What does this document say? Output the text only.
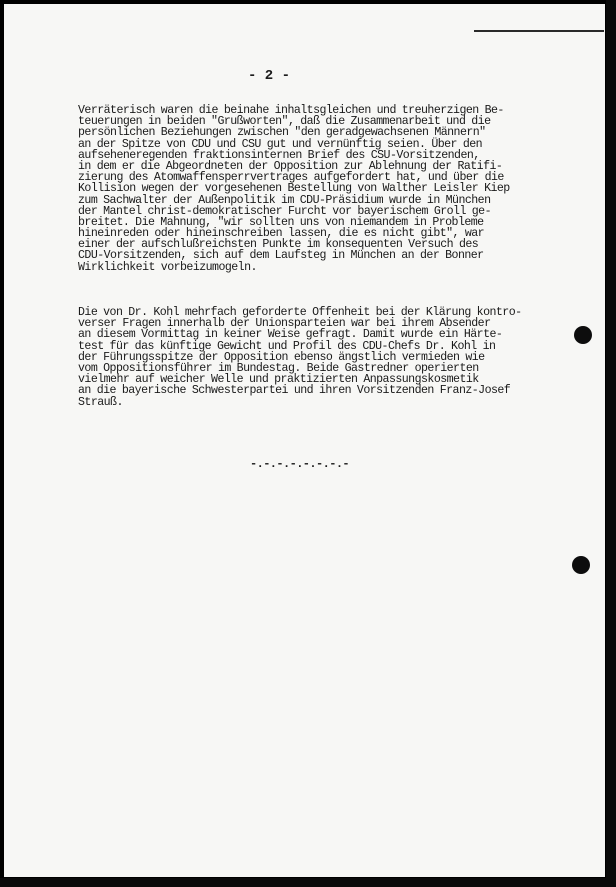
- 2 -
Verräterisch waren die beinahe inhaltsgleichen und treuherzigen Be-
teuerungen in beiden "Grußworten", daß die Zusammenarbeit und die
persönlichen Beziehungen zwischen "den geradgewachsenen Männern"
an der Spitze von CDU und CSU gut und vernünftig seien. Über den
aufseheneregenden fraktionsinternen Brief des CSU-Vorsitzenden,
in dem er die Abgeordneten der Opposition zur Ablehnung der Ratifi-
zierung des Atomwaffensperrvertrages aufgefordert hat, und über die
Kollision wegen der vorgesehenen Bestellung von Walther Leisler Kiep
zum Sachwalter der Außenpolitik im CDU-Präsidium wurde in München
der Mantel christ-demokratischer Furcht vor bayerischem Groll ge-
breitet. Die Mahnung, "wir sollten uns von niemandem in Probleme
hineinreden oder hineinschreiben lassen, die es nicht gibt", war
einer der aufschlußreichsten Punkte im konsequenten Versuch des
CDU-Vorsitzenden, sich auf dem Laufsteg in München an der Bonner
Wirklichkeit vorbeizumogeln.
Die von Dr. Kohl mehrfach geforderte Offenheit bei der Klärung kontro-
verser Fragen innerhalb der Unionsparteien war bei ihrem Absender
an diesem Vormittag in keiner Weise gefragt. Damit wurde ein Härte-
test für das künftige Gewicht und Profil des CDU-Chefs Dr. Kohl in
der Führungsspitze der Opposition ebenso ängstlich vermieden wie
vom Oppositionsführer im Bundestag. Beide Gastredner operierten
vielmehr auf weicher Welle und praktizierten Anpassungskosmetik
an die bayerische Schwesterpartei und ihren Vorsitzenden Franz-Josef
Strauß.
-.-.-.-.-.-.-.-
